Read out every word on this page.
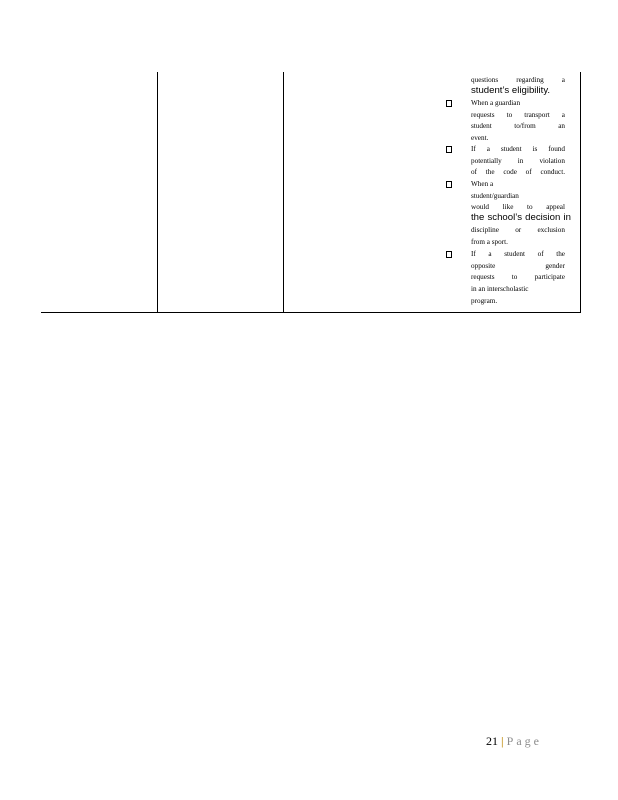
questions regarding a
student’s eligibility.
When a guardian
requests to transport a
student to/from an
event.
If a student is found
potentially in violation
of the code of conduct.
When a
student/guardian
would like to appeal
the school’s decision in
discipline or exclusion
from a sport.
If a student of the
opposite gender
requests to participate
in an interscholastic
program.
21 | Page
